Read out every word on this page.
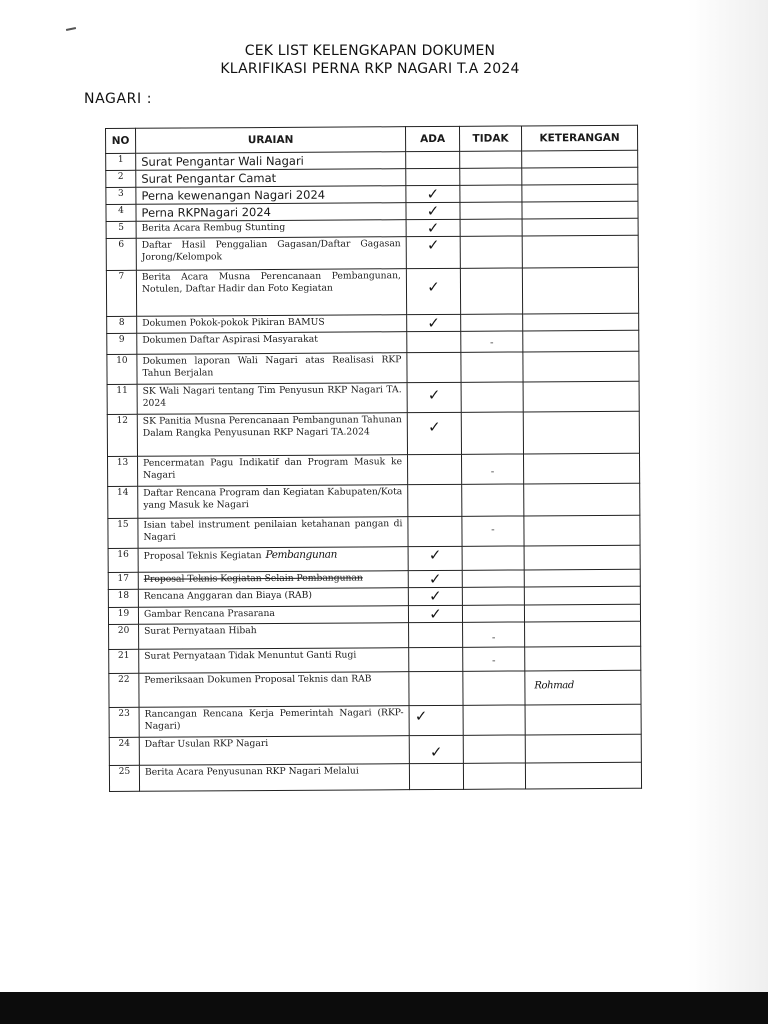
CEK LIST KELENGKAPAN DOKUMEN
KLARIFIKASI PERNA RKP NAGARI T.A 2024
NAGARI :
NO	URAIAN	ADA	TIDAK	KETERANGAN
1	Surat Pengantar Wali Nagari			
2	Surat Pengantar Camat			
3	Perna kewenangan Nagari 2024	✓		
4	Perna RKPNagari 2024	✓		
5	Berita Acara Rembug Stunting	✓		
6	Daftar Hasil Penggalian Gagasan/Daftar Gagasan Jorong/Kelompok	✓		
7	Berita Acara Musna Perencanaan Pembangunan, Notulen, Daftar Hadir dan Foto Kegiatan	✓		
8	Dokumen Pokok-pokok Pikiran BAMUS	✓		
9	Dokumen Daftar Aspirasi Masyarakat		-	
10	Dokumen laporan Wali Nagari atas Realisasi RKP Tahun Berjalan			
11	SK Wali Nagari tentang Tim Penyusun RKP Nagari TA. 2024	✓		
12	SK Panitia Musna Perencanaan Pembangunan Tahunan Dalam Rangka Penyusunan RKP Nagari TA.2024	✓		
13	Pencermatan Pagu Indikatif dan Program Masuk ke Nagari		-	
14	Daftar Rencana Program dan Kegiatan Kabupaten/Kota yang Masuk ke Nagari			
15	Isian tabel instrument penilaian ketahanan pangan di Nagari		-	
16	Proposal Teknis Kegiatan Pembangunan	✓		
17	Proposal Teknis Kegiatan Selain Pembangunan	✓		
18	Rencana Anggaran dan Biaya (RAB)	✓		
19	Gambar Rencana Prasarana	✓		
20	Surat Pernyataan Hibah		-	
21	Surat Pernyataan Tidak Menuntut Ganti Rugi		-	
22	Pemeriksaan Dokumen Proposal Teknis dan RAB			Rohmad
23	Rancangan Rencana Kerja Pemerintah Nagari (RKP-Nagari)	✓		
24	Daftar Usulan RKP Nagari	✓		
25	Berita Acara Penyusunan RKP Nagari Melalui			
